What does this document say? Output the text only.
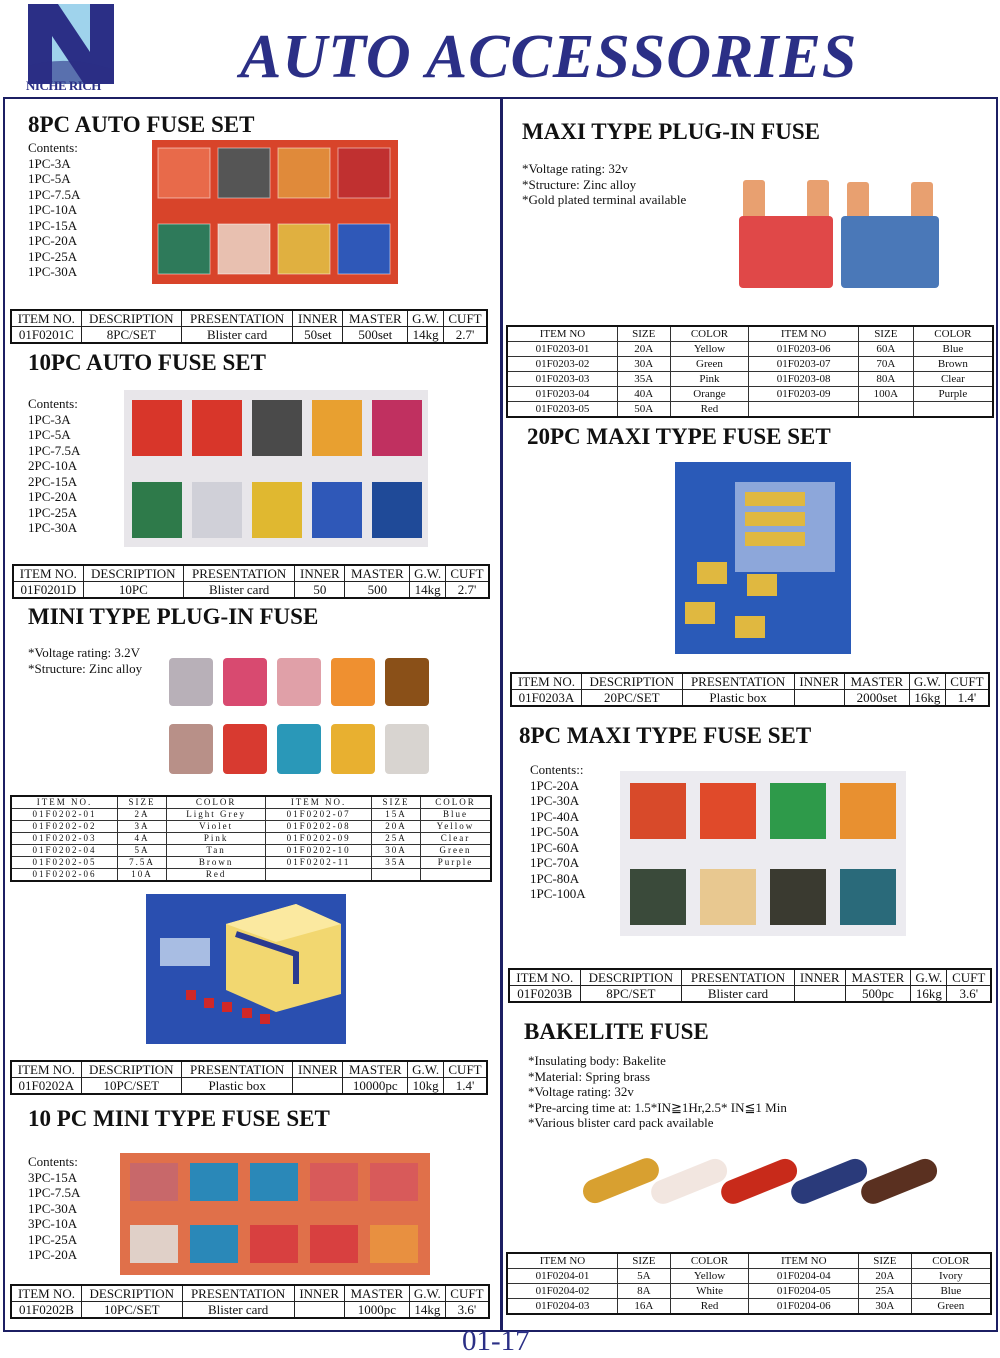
NICHE RICH	AUTO ACCESSORIES
8PC AUTO FUSE SET
Contents:
1PC-3A
1PC-5A
1PC-7.5A
1PC-10A
1PC-15A
1PC-20A
1PC-25A
1PC-30A
ITEM NO.	DESCRIPTION	PRESENTATION	INNER	MASTER	G.W.	CUFT
01F0201C	8PC/SET	Blister card	50set	500set	14kg	2.7'
10PC AUTO FUSE SET
Contents:
1PC-3A
1PC-5A
1PC-7.5A
2PC-10A
2PC-15A
1PC-20A
1PC-25A
1PC-30A
ITEM NO.	DESCRIPTION	PRESENTATION	INNER	MASTER	G.W.	CUFT
01F0201D	10PC	Blister card	50	500	14kg	2.7'
MINI TYPE PLUG-IN FUSE
*Voltage rating: 3.2V
*Structure: Zinc alloy
ITEM NO.	SIZE	COLOR	ITEM NO.	SIZE	COLOR
01F0202-01	2A	Light Grey	01F0202-07	15A	Blue
01F0202-02	3A	Violet	01F0202-08	20A	Yellow
01F0202-03	4A	Pink	01F0202-09	25A	Clear
01F0202-04	5A	Tan	01F0202-10	30A	Green
01F0202-05	7.5A	Brown	01F0202-11	35A	Purple
01F0202-06	10A	Red			
ITEM NO.	DESCRIPTION	PRESENTATION	INNER	MASTER	G.W.	CUFT
01F0202A	10PC/SET	Plastic box		10000pc	10kg	1.4'
10 PC MINI TYPE FUSE SET
Contents:
3PC-15A
1PC-7.5A
1PC-30A
3PC-10A
1PC-25A
1PC-20A
ITEM NO.	DESCRIPTION	PRESENTATION	INNER	MASTER	G.W.	CUFT
01F0202B	10PC/SET	Blister card		1000pc	14kg	3.6'
MAXI TYPE PLUG-IN FUSE
*Voltage rating: 32v
*Structure: Zinc alloy
*Gold plated terminal available
ITEM NO	SIZE	COLOR	ITEM NO	SIZE	COLOR
01F0203-01	20A	Yellow	01F0203-06	60A	Blue
01F0203-02	30A	Green	01F0203-07	70A	Brown
01F0203-03	35A	Pink	01F0203-08	80A	Clear
01F0203-04	40A	Orange	01F0203-09	100A	Purple
01F0203-05	50A	Red			
20PC MAXI TYPE FUSE SET
ITEM NO.	DESCRIPTION	PRESENTATION	INNER	MASTER	G.W.	CUFT
01F0203A	20PC/SET	Plastic box		2000set	16kg	1.4'
8PC MAXI TYPE FUSE SET
Contents::
1PC-20A
1PC-30A
1PC-40A
1PC-50A
1PC-60A
1PC-70A
1PC-80A
1PC-100A
ITEM NO.	DESCRIPTION	PRESENTATION	INNER	MASTER	G.W.	CUFT
01F0203B	8PC/SET	Blister card		500pc	16kg	3.6'
BAKELITE FUSE
*Insulating body: Bakelite
*Material: Spring brass
*Voltage rating: 32v
*Pre-arcing time at: 1.5*IN≧1Hr,2.5* IN≦1 Min
*Various blister card pack available
ITEM NO	SIZE	COLOR	ITEM NO	SIZE	COLOR
01F0204-01	5A	Yellow	01F0204-04	20A	Ivory
01F0204-02	8A	White	01F0204-05	25A	Blue
01F0204-03	16A	Red	01F0204-06	30A	Green
01-17
